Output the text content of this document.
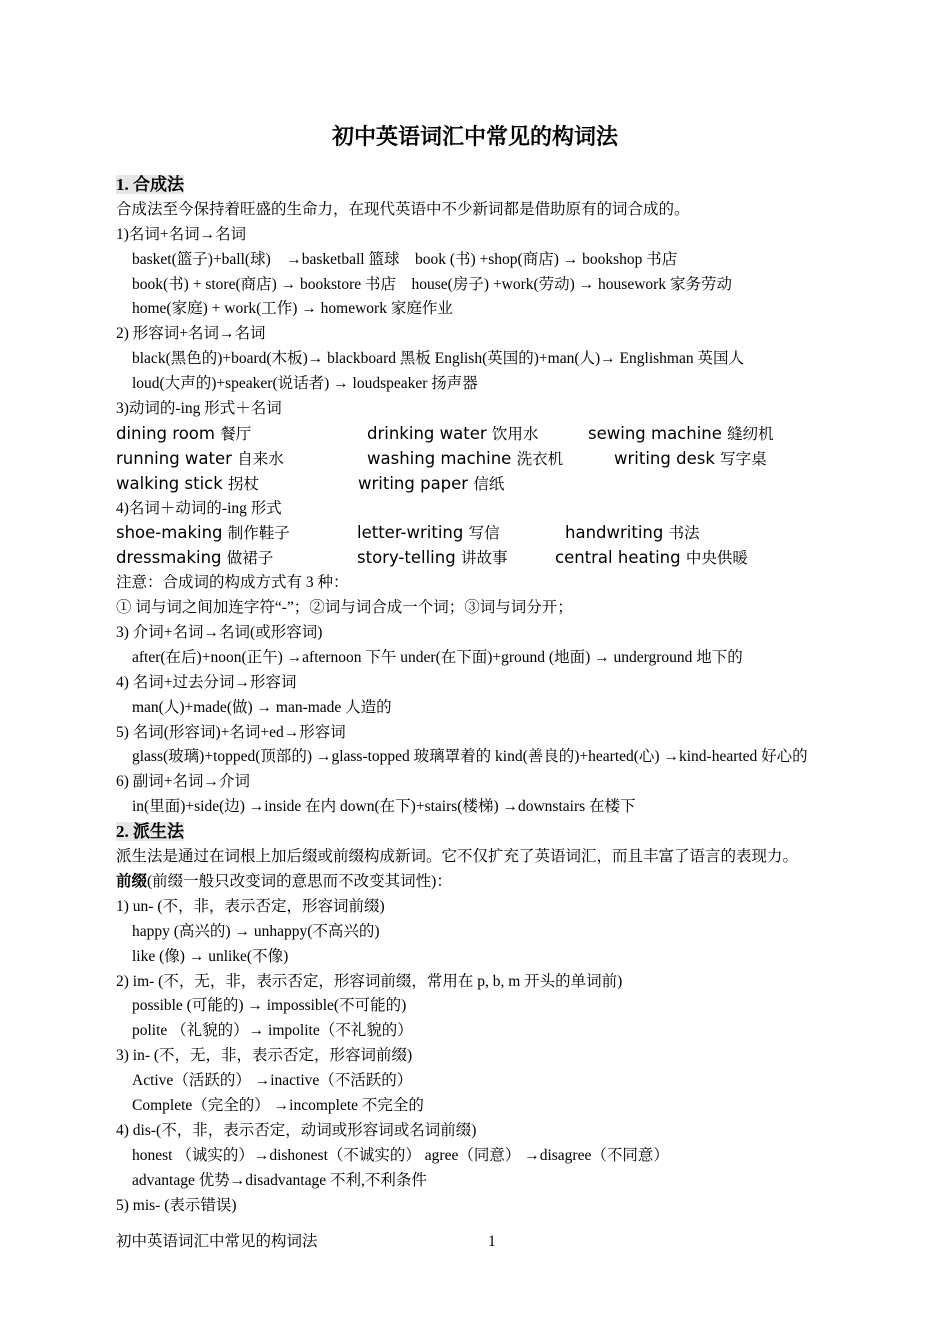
初中英语词汇中常见的构词法
1. 合成法
合成法至今保持着旺盛的生命力，在现代英语中不少新词都是借助原有的词合成的。
1)名词+名词→名词
basket(篮子)+ball(球)　→basketball 篮球　book (书) +shop(商店) → bookshop 书店
book(书) + store(商店) → bookstore 书店　house(房子) +work(劳动) → housework 家务劳动
home(家庭) + work(工作) → homework 家庭作业
2) 形容词+名词→名词
black(黑色的)+board(木板)→ blackboard 黑板 English(英国的)+man(人)→ Englishman 英国人
loud(大声的)+speaker(说话者) → loudspeaker 扬声器
3)动词的-ing 形式＋名词
dining room 餐厅	drinking water 饮用水	sewing machine 缝纫机
running water 自来水	washing machine 洗衣机	writing desk 写字桌
walking stick 拐杖	writing paper 信纸
4)名词＋动词的-ing 形式
shoe-making 制作鞋子	letter-writing 写信	handwriting 书法
dressmaking 做裙子	story-telling 讲故事	central heating 中央供暖
注意：合成词的构成方式有 3 种：
① 词与词之间加连字符“-”；②词与词合成一个词；③词与词分开；
3) 介词+名词→名词(或形容词)
after(在后)+noon(正午) →afternoon 下午 under(在下面)+ground (地面) → underground 地下的
4) 名词+过去分词→形容词
man(人)+made(做) → man-made 人造的
5) 名词(形容词)+名词+ed→形容词
glass(玻璃)+topped(顶部的) →glass-topped 玻璃罩着的 kind(善良的)+hearted(心) →kind-hearted 好心的
6) 副词+名词→介词
in(里面)+side(边) →inside 在内 down(在下)+stairs(楼梯) →downstairs 在楼下
2. 派生法
派生法是通过在词根上加后缀或前缀构成新词。它不仅扩充了英语词汇，而且丰富了语言的表现力。
前缀(前缀一般只改变词的意思而不改变其词性)：
1) un- (不，非，表示否定，形容词前缀)
happy (高兴的) → unhappy(不高兴的)
like (像) → unlike(不像)
2) im- (不，无，非，表示否定，形容词前缀，常用在 p, b, m 开头的单词前)
possible (可能的) → impossible(不可能的)
polite （礼貌的）→ impolite（不礼貌的）
3) in- (不，无，非，表示否定，形容词前缀)
Active（活跃的） →inactive（不活跃的）
Complete（完全的） →incomplete 不完全的
4) dis-(不，非，表示否定，动词或形容词或名词前缀)
honest （诚实的）→dishonest（不诚实的） agree（同意） →disagree（不同意）
advantage 优势→disadvantage 不利,不利条件
5) mis- (表示错误)
初中英语词汇中常见的构词法	1
